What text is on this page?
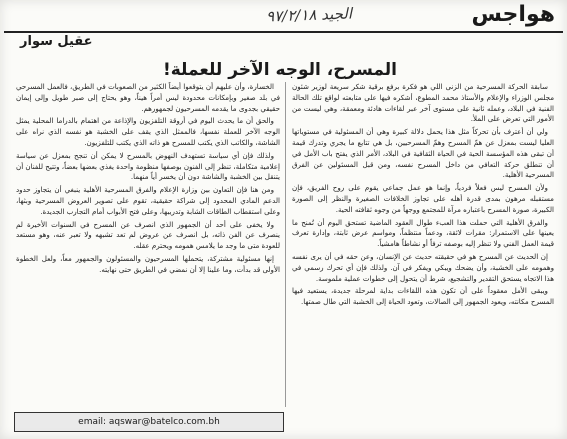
هواجس
الجيد ٩٧/٢/١٨
عقيل سوار
المسرح، الوجه الآخر للعملة!

سابقة الحركة المسرحية من الزنى اللي هو فكرة برفع برقية شكر سريعة لوزير شئون مجلس الوزراء والإعلام والأستاذ محمد المطوع، أشكره فيها على متابعته لواقع تلك الحالة الفنية في البلاد، وعمله ثانية على مستوى آخر عبر لقاءات هادئة ومعمقة، وهي ليست من الأمور التي تعرض على الملأ.

ولي أن أعترف بأن تحركاً مثل هذا يحمل دلالة كبيرة وهي أن المسئولية في مستوياتها العليا ليست بمعزل عن همّ المسرح وهمّ المسرحيين، بل هي تتابع ما يجري وتدرك قيمة أن تبقى هذه المؤسسة الحية في الحياة الثقافية في البلاد، الأمر الذي يفتح باب الأمل في أن تنطلق حركة التعافي من داخل المسرح نفسه، ومن قبل المسئولين عن الفرق المسرحية الأهلية.

ولأن المسرح ليس فعلاً فردياً، وإنما هو عمل جماعي يقوم على روح الفريق، فإن مستقبله مرهون بمدى قدرة أهله على تجاوز الخلافات الصغيرة والنظر إلى الصورة الكبيرة، صورة المسرح باعتباره مرآة للمجتمع ووجهاً من وجوه ثقافته الحية.

والفرق الأهلية التي حملت هذا العبء طوال العقود الماضية تستحق اليوم أن تُمنح ما يعينها على الاستمرار: مقرات لائقة، ودعماً منتظماً، ومواسم عرض ثابتة، وإدارة تعرف قيمة العمل الفني ولا تنظر إليه بوصفه ترفاً أو نشاطاً هامشياً.

إن الحديث عن المسرح هو في حقيقته حديث عن الإنسان، وعن حقه في أن يرى نفسه وهمومه على الخشبة، وأن يضحك ويبكي ويفكر في آن. ولذلك فإن أي تحرك رسمي في هذا الاتجاه يستحق التقدير والتشجيع، شرط أن يتحول إلى خطوات عملية ملموسة.

ويبقى الأمل معقوداً على أن تكون هذه اللقاءات بداية لمرحلة جديدة، يستعيد فيها المسرح مكانته، ويعود الجمهور إلى الصالات، وتعود الحياة إلى الخشبة التي طال صمتها.

الخسارة، وأن عليهم أن يتوقعوا أيضاً الكثير من الصعوبات في الطريق، فالعمل المسرحي في بلد صغير وبإمكانات محدودة ليس أمراً هيناً، وهو يحتاج إلى صبر طويل وإلى إيمان حقيقي بجدوى ما يقدمه المسرحيون لجمهورهم.

والحق أن ما يحدث اليوم في أروقة التلفزيون والإذاعة من اهتمام بالدراما المحلية يمثل الوجه الآخر للعملة نفسها، فالممثل الذي يقف على الخشبة هو نفسه الذي نراه على الشاشة، والكاتب الذي يكتب للمسرح هو ذاته الذي يكتب للتلفزيون.

ولذلك فإن أي سياسة تستهدف النهوض بالمسرح لا يمكن أن تنجح بمعزل عن سياسة إعلامية متكاملة، تنظر إلى الفنون بوصفها منظومة واحدة يغذي بعضها بعضاً، وتتيح للفنان أن يتنقل بين الخشبة والشاشة دون أن يخسر أياً منهما.

ومن هنا فإن التعاون بين وزارة الإعلام والفرق المسرحية الأهلية ينبغي أن يتجاوز حدود الدعم المادي المحدود إلى شراكة حقيقية، تقوم على تصوير العروض المسرحية وبثها، وعلى استقطاب الطاقات الشابة وتدريبها، وعلى فتح الأبواب أمام التجارب الجديدة.

ولا يخفى على أحد أن الجمهور الذي انصرف عن المسرح في السنوات الأخيرة لم ينصرف عن الفن ذاته، بل انصرف عن عروض لم تعد تشبهه ولا تعبر عنه، وهو مستعد للعودة متى ما وجد ما يلامس همومه ويحترم عقله.

إنها مسئولية مشتركة، يتحملها المسرحيون والمسئولون والجمهور معاً، ولعل الخطوة الأولى قد بدأت، وما علينا إلا أن نمضي في الطريق حتى نهايته.

email: aqswar@batelco.com.bh
